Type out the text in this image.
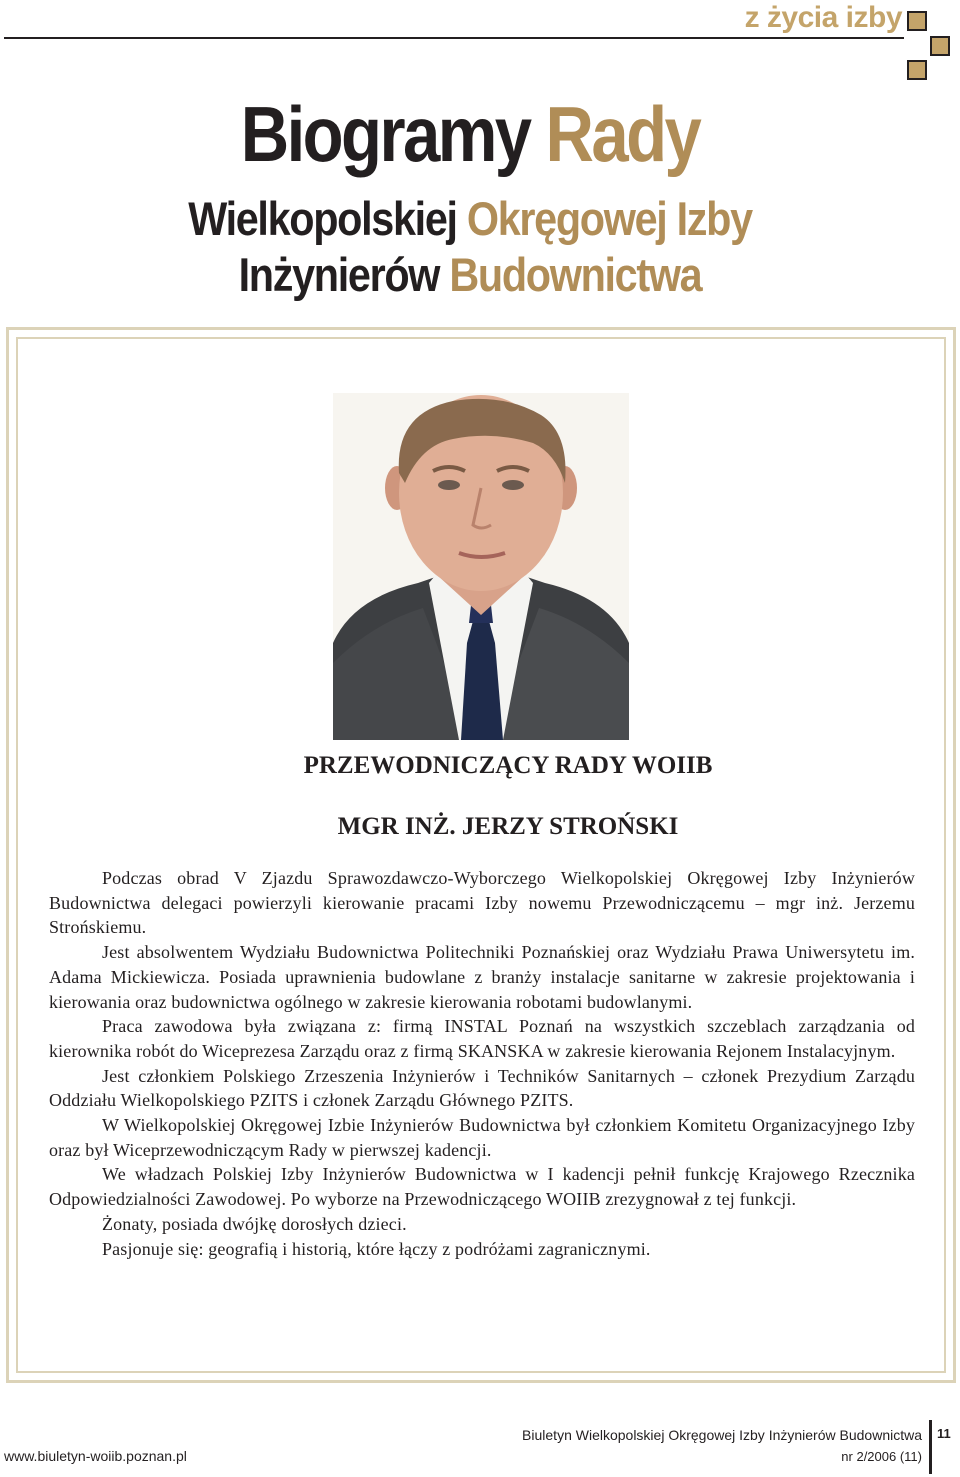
z życia izby
Biogramy Rady
Wielkopolskiej Okręgowej Izby
Inżynierów Budownictwa

PRZEWODNICZĄCY RADY WOIIB

MGR INŻ. JERZY STROŃSKI

Podczas obrad V Zjazdu Sprawozdawczo-Wyborczego Wielkopolskiej Okręgowej Izby Inżynierów Budownictwa delegaci powierzyli kierowanie pracami Izby nowemu Przewodniczącemu – mgr inż. Jerzemu Strońskiemu.

Jest absolwentem Wydziału Budownictwa Politechniki Poznańskiej oraz Wydziału Prawa Uniwersytetu im. Adama Mickiewicza. Posiada uprawnienia budowlane z branży instalacje sanitarne w zakresie projektowania i kierowania oraz budownictwa ogólnego w zakresie kierowania robotami budowlanymi.

Praca zawodowa była związana z: firmą INSTAL Poznań na wszystkich szczeblach zarządzania od kierownika robót do Wiceprezesa Zarządu oraz z firmą SKANSKA w zakresie kierowania Rejonem Instalacyjnym.

Jest członkiem Polskiego Zrzeszenia Inżynierów i Techników Sanitarnych – członek Prezydium Zarządu Oddziału Wielkopolskiego PZITS i członek Zarządu Głównego PZITS.

W Wielkopolskiej Okręgowej Izbie Inżynierów Budownictwa był członkiem Komitetu Organizacyjnego Izby oraz był Wiceprzewodniczącym Rady w pierwszej kadencji.

We władzach Polskiej Izby Inżynierów Budownictwa w I kadencji pełnił funkcję Krajowego Rzecznika Odpowiedzialności Zawodowej. Po wyborze na Przewodniczącego WOIIB zrezygnował z tej funkcji.

Żonaty, posiada dwójkę dorosłych dzieci.

Pasjonuje się: geografią i historią, które łączy z podróżami zagranicznymi.

Biuletyn Wielkopolskiej Okręgowej Izby Inżynierów Budownictwa
www.biuletyn-woiib.poznan.pl	nr 2/2006 (11)
11
